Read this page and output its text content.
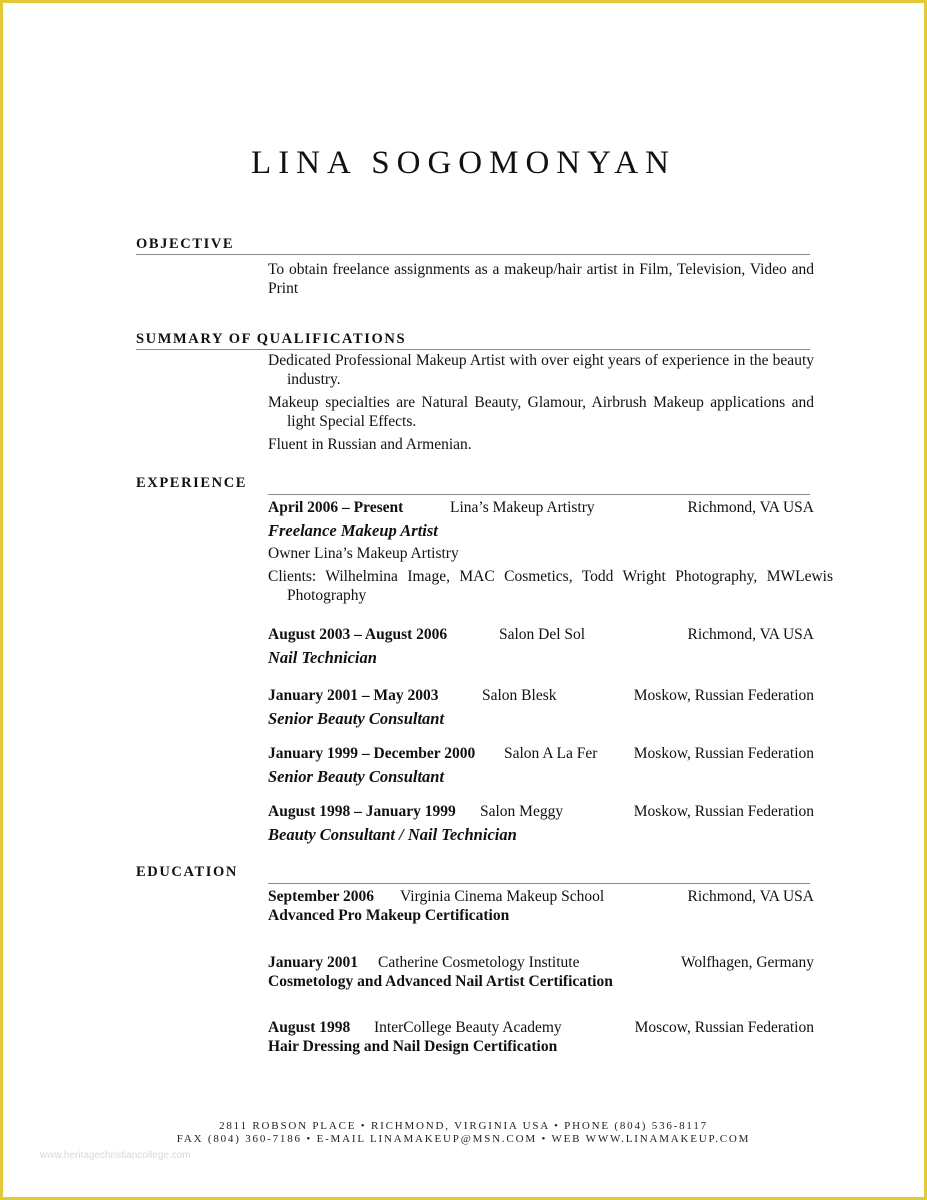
LINA SOGOMONYAN
OBJECTIVE

To obtain freelance assignments as a makeup/hair artist in Film, Television, Video and Print

SUMMARY OF QUALIFICATIONS

Dedicated Professional Makeup Artist with over eight years of experience in the beauty industry.

Makeup specialties are Natural Beauty, Glamour, Airbrush Makeup applications and light Special Effects.

Fluent in Russian and Armenian.

EXPERIENCE
April 2006 – Present	Lina’s Makeup Artistry	Richmond, VA USA
Freelance Makeup Artist
Owner Lina’s Makeup Artistry
Clients: Wilhelmina Image, MAC Cosmetics, Todd Wright Photography, MWLewis Photography
August 2003 – August 2006	Salon Del Sol	Richmond, VA USA
Nail Technician
January 2001 – May 2003	Salon Blesk	Moskow, Russian Federation
Senior Beauty Consultant
January 1999 – December 2000 Salon A La Fer Moskow, Russian Federation
Senior Beauty Consultant
August 1998 – January 1999 Salon Meggy	Moskow, Russian Federation
Beauty Consultant / Nail Technician
EDUCATION
September 2006 Virginia Cinema Makeup School	Richmond, VA USA
Advanced Pro Makeup Certification
January 2001 Catherine Cosmetology Institute	Wolfhagen, Germany
Cosmetology and Advanced Nail Artist Certification
August 1998 InterCollege Beauty Academy	Moscow, Russian Federation
Hair Dressing and Nail Design Certification
2811 ROBSON PLACE • RICHMOND, VIRGINIA USA • PHONE (804) 536-8117
FAX (804) 360-7186 • E-MAIL LINAMAKEUP@MSN.COM • WEB WWW.LINAMAKEUP.COM
www.heritagechristiancollege.com
